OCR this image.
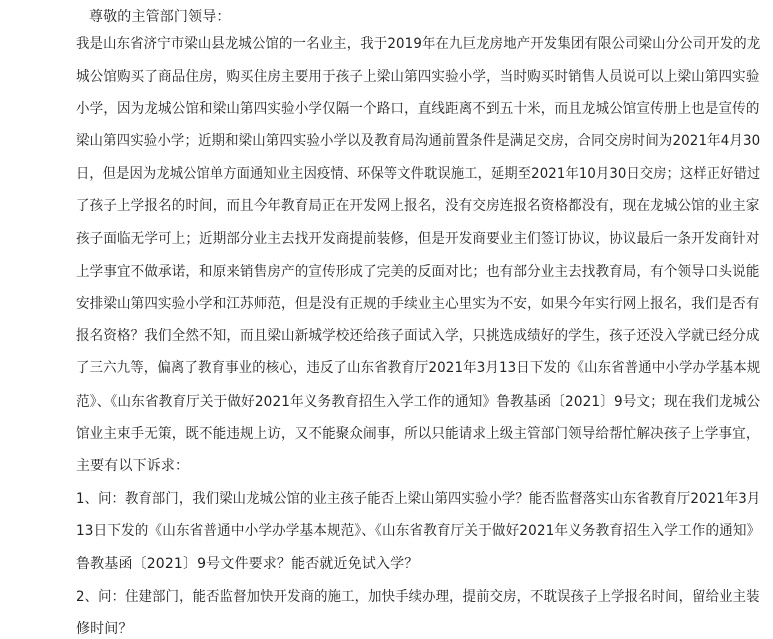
尊敬的主管部门领导：
我是山东省济宁市梁山县龙城公馆的一名业主，我于2019年在九巨龙房地产开发集团有限公司梁山分公司开发的龙
城公馆购买了商品住房，购买住房主要用于孩子上梁山第四实验小学，当时购买时销售人员说可以上梁山第四实验
小学，因为龙城公馆和梁山第四实验小学仅隔一个路口，直线距离不到五十米，而且龙城公馆宣传册上也是宣传的
梁山第四实验小学；近期和梁山第四实验小学以及教育局沟通前置条件是满足交房，合同交房时间为2021年4月30
日，但是因为龙城公馆单方面通知业主因疫情、环保等文件耽误施工，延期至2021年10月30日交房；这样正好错过
了孩子上学报名的时间，而且今年教育局正在开发网上报名，没有交房连报名资格都没有，现在龙城公馆的业主家
孩子面临无学可上；近期部分业主去找开发商提前装修，但是开发商要业主们签订协议，协议最后一条开发商针对
上学事宜不做承诺，和原来销售房产的宣传形成了完美的反面对比；也有部分业主去找教育局，有个领导口头说能
安排梁山第四实验小学和江苏师范，但是没有正规的手续业主心里实为不安，如果今年实行网上报名，我们是否有
报名资格？我们全然不知，而且梁山新城学校还给孩子面试入学，只挑选成绩好的学生，孩子还没入学就已经分成
了三六九等，偏离了教育事业的核心，违反了山东省教育厅2021年3月13日下发的《山东省普通中小学办学基本规
范》、《山东省教育厅关于做好2021年义务教育招生入学工作的通知》鲁教基函〔2021〕9号文；现在我们龙城公
馆业主束手无策，既不能违规上访，又不能聚众闹事，所以只能请求上级主管部门领导给帮忙解决孩子上学事宜，
主要有以下诉求：
1、问：教育部门，我们梁山龙城公馆的业主孩子能否上梁山第四实验小学？能否监督落实山东省教育厅2021年3月
13日下发的《山东省普通中小学办学基本规范》、《山东省教育厅关于做好2021年义务教育招生入学工作的通知》
鲁教基函〔2021〕9号文件要求？能否就近免试入学？
2、问：住建部门，能否监督加快开发商的施工，加快手续办理，提前交房，不耽误孩子上学报名时间，留给业主装
修时间？
